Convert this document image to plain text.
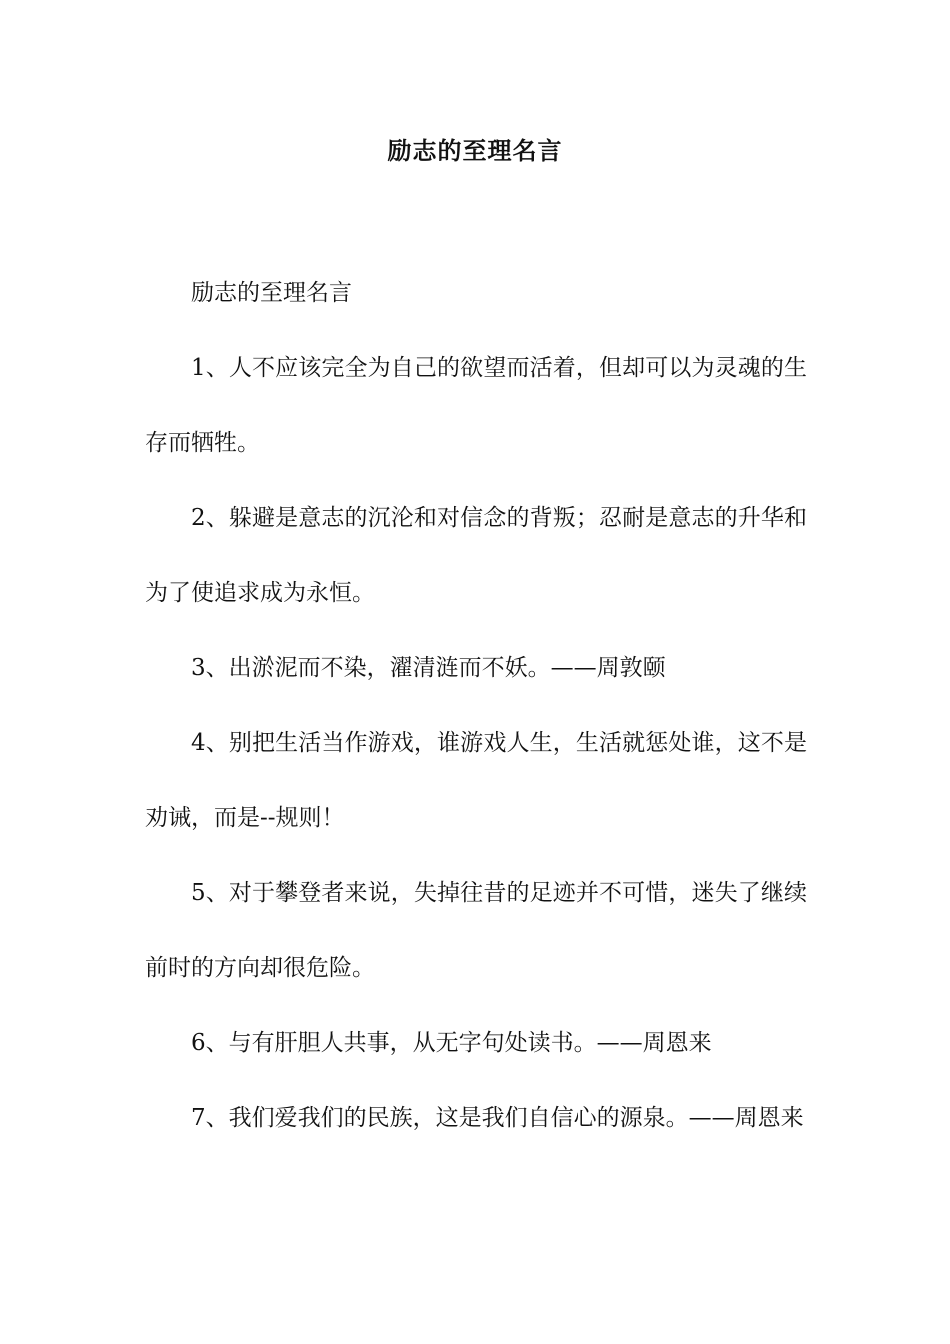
励志的至理名言

励志的至理名言

1、人不应该完全为自己的欲望而活着，但却可以为灵魂的生存而牺牲。

2、躲避是意志的沉沦和对信念的背叛；忍耐是意志的升华和为了使追求成为永恒。

3、出淤泥而不染，濯清涟而不妖。——周敦颐

4、别把生活当作游戏，谁游戏人生，生活就惩处谁，这不是劝诫，而是--规则！

5、对于攀登者来说，失掉往昔的足迹并不可惜，迷失了继续前时的方向却很危险。

6、与有肝胆人共事，从无字句处读书。——周恩来

7、我们爱我们的民族，这是我们自信心的源泉。——周恩来
